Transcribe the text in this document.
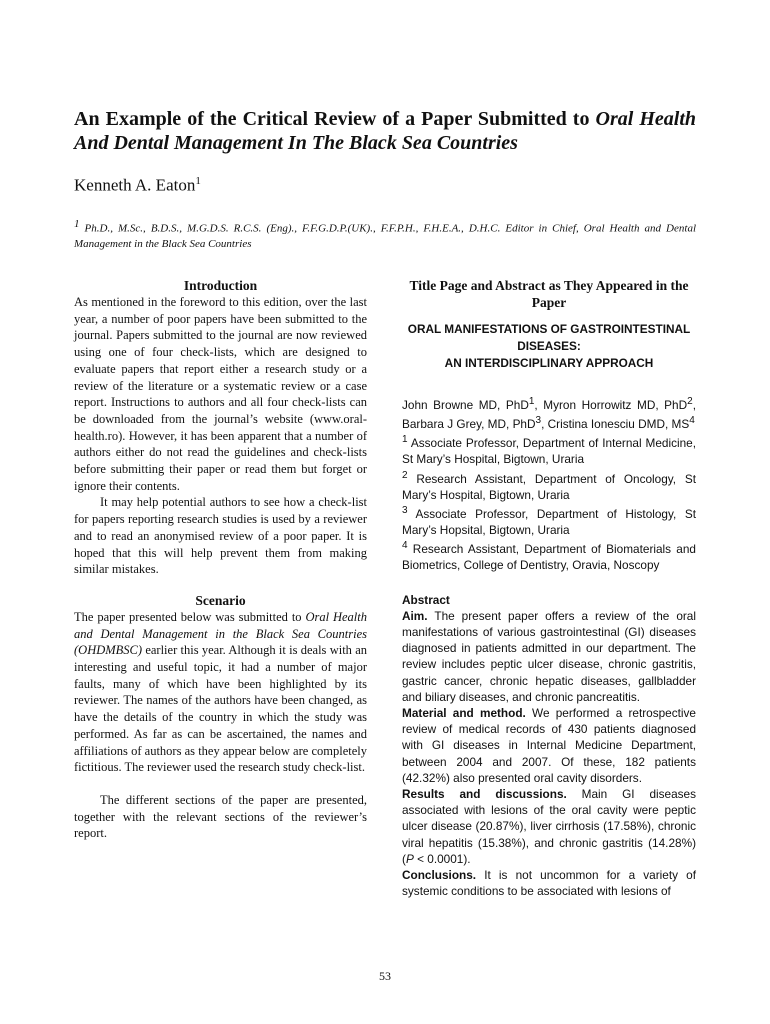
An Example of the Critical Review of a Paper Submitted to Oral Health And Dental Management In The Black Sea Countries
Kenneth A. Eaton$^1$
$^1$ Ph.D., M.Sc., B.D.S., M.G.D.S. R.C.S. (Eng)., F.F.G.D.P.(UK)., F.F.P.H., F.H.E.A., D.H.C. Editor in Chief, Oral Health and Dental Management in the Black Sea Countries
Introduction

As mentioned in the foreword to this edition, over the last year, a number of poor papers have been submitted to the journal. Papers submitted to the journal are now reviewed using one of four check-lists, which are designed to evaluate papers that report either a research study or a review of the literature or a systematic review or a case report. Instructions to authors and all four check-lists can be downloaded from the journal’s website (www.oral-health.ro). However, it has been apparent that a number of authors either do not read the guidelines and check-lists before submitting their paper or read them but forget or ignore their contents.

It may help potential authors to see how a check-list for papers reporting research studies is used by a reviewer and to read an anonymised review of a poor paper. It is hoped that this will help prevent them from making similar mistakes.

Scenario

The paper presented below was submitted to Oral Health and Dental Management in the Black Sea Countries (OHDMBSC) earlier this year. Although it is deals with an interesting and useful topic, it had a number of major faults, many of which have been highlighted by its reviewer. The names of the authors have been changed, as have the details of the country in which the study was performed. As far as can be ascertained, the names and affiliations of authors as they appear below are completely fictitious. The reviewer used the research study check-list.

The different sections of the paper are presented, together with the relevant sections of the reviewer’s report.

Title Page and Abstract as They Appeared in the Paper
ORAL MANIFESTATIONS OF GASTROINTESTINAL DISEASES:
AN INTERDISCIPLINARY APPROACH

John Browne MD, PhD$^1$, Myron Horrowitz MD, PhD$^2$, Barbara J Grey, MD, PhD$^3$, Cristina Ionesciu DMD, $MS^4$

$^1$ Associate Professor, Department of Internal Medicine, St Mary’s Hospital, Bigtown, Uraria

$^2$ Research Assistant, Department of Oncology, St Mary’s Hospital, Bigtown, Uraria

$^3$ Associate Professor, Department of Histology, St Mary’s Hopsital, Bigtown, Uraria

$^4$ Research Assistant, Department of Biomaterials and Biometrics, College of Dentistry, Oravia, Noscopy

Abstract

Aim. The present paper offers a review of the oral manifestations of various gastrointestinal (GI) diseases diagnosed in patients admitted in our department. The review includes peptic ulcer disease, chronic gastritis, gastric cancer, chronic hepatic diseases, gallbladder and biliary diseases, and chronic pancreatitis.

Material and method. We performed a retrospective review of medical records of 430 patients diagnosed with GI diseases in Internal Medicine Department, between 2004 and 2007. Of these, 182 patients (42.32%) also presented oral cavity disorders.

Results and discussions. Main GI diseases associated with lesions of the oral cavity were peptic ulcer disease (20.87%), liver cirrhosis (17.58%), chronic viral hepatitis (15.38%), and chronic gastritis (14.28%) (P < 0.0001).

Conclusions. It is not uncommon for a variety of systemic conditions to be associated with lesions of

53
